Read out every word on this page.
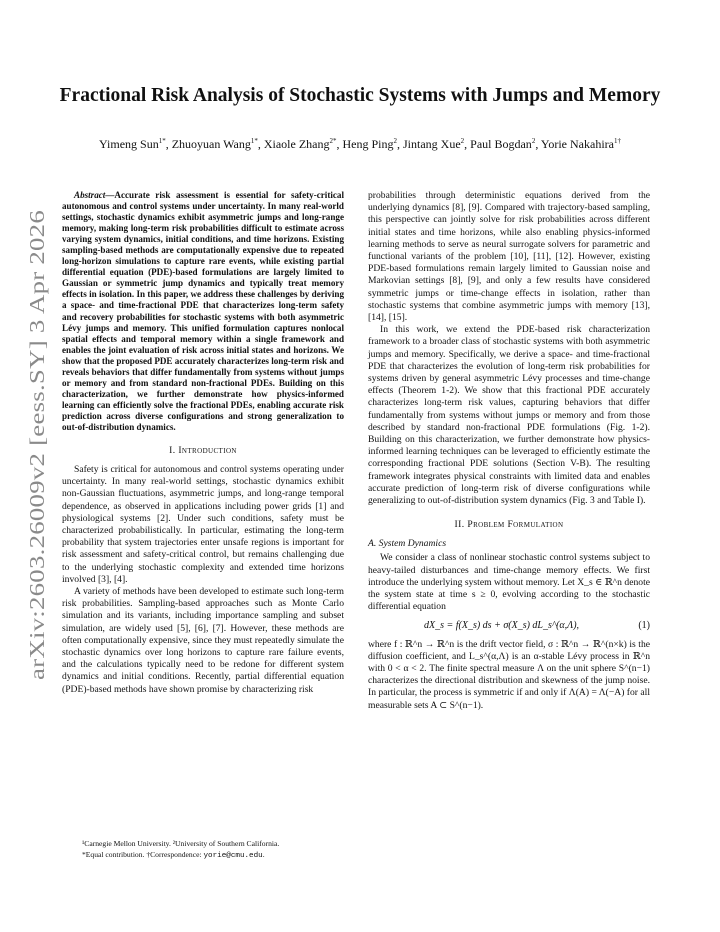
arXiv:2603.26009v2 [eess.SY] 3 Apr 2026
Fractional Risk Analysis of Stochastic Systems with Jumps and Memory
Yimeng Sun$^{1*}$, Zhuoyuan Wang$^{1*}$, Xiaole Zhang$^{2*}$, Heng Ping$^2$, Jintang Xue$^2$, Paul Bogdan$^2$, Yorie Nakahira$^{1\dagger}$

Abstract—Accurate risk assessment is essential for safety-critical autonomous and control systems under uncertainty. In many real-world settings, stochastic dynamics exhibit asymmetric jumps and long-range memory, making long-term risk probabilities difficult to estimate across varying system dynamics, initial conditions, and time horizons. Existing sampling-based methods are computationally expensive due to repeated long-horizon simulations to capture rare events, while existing partial differential equation (PDE)-based formulations are largely limited to Gaussian or symmetric jump dynamics and typically treat memory effects in isolation. In this paper, we address these challenges by deriving a space- and time-fractional PDE that characterizes long-term safety and recovery probabilities for stochastic systems with both asymmetric Lévy jumps and memory. This unified formulation captures nonlocal spatial effects and temporal memory within a single framework and enables the joint evaluation of risk across initial states and horizons. We show that the proposed PDE accurately characterizes long-term risk and reveals behaviors that differ fundamentally from systems without jumps or memory and from standard non-fractional PDEs. Building on this characterization, we further demonstrate how physics-informed learning can efficiently solve the fractional PDEs, enabling accurate risk prediction across diverse configurations and strong generalization to out-of-distribution dynamics.

I. Introduction

Safety is critical for autonomous and control systems operating under uncertainty. In many real-world settings, stochastic dynamics exhibit non-Gaussian fluctuations, asymmetric jumps, and long-range temporal dependence, as observed in applications including power grids [1] and physiological systems [2]. Under such conditions, safety must be characterized probabilistically. In particular, estimating the long-term probability that system trajectories enter unsafe regions is important for risk assessment and safety-critical control, but remains challenging due to the underlying stochastic complexity and extended time horizons involved [3], [4].

A variety of methods have been developed to estimate such long-term risk probabilities. Sampling-based approaches such as Monte Carlo simulation and its variants, including importance sampling and subset simulation, are widely used [5], [6], [7]. However, these methods are often computationally expensive, since they must repeatedly simulate the stochastic dynamics over long horizons to capture rare failure events, and the calculations typically need to be redone for different system dynamics and initial conditions. Recently, partial differential equation (PDE)-based methods have shown promise by characterizing risk

probabilities through deterministic equations derived from the underlying dynamics [8], [9]. Compared with trajectory-based sampling, this perspective can jointly solve for risk probabilities across different initial states and time horizons, while also enabling physics-informed learning methods to serve as neural surrogate solvers for parametric and functional variants of the problem [10], [11], [12]. However, existing PDE-based formulations remain largely limited to Gaussian noise and Markovian settings [8], [9], and only a few results have considered symmetric jumps or time-change effects in isolation, rather than stochastic systems that combine asymmetric jumps with memory [13], [14], [15].

In this work, we extend the PDE-based risk characterization framework to a broader class of stochastic systems with both asymmetric jumps and memory. Specifically, we derive a space- and time-fractional PDE that characterizes the evolution of long-term risk probabilities for systems driven by general asymmetric Lévy processes and time-change effects (Theorem 1-2). We show that this fractional PDE accurately characterizes long-term risk values, capturing behaviors that differ fundamentally from systems without jumps or memory and from those described by standard non-fractional PDE formulations (Fig. 1-2). Building on this characterization, we further demonstrate how physics-informed learning techniques can be leveraged to efficiently estimate the corresponding fractional PDE solutions (Section V-B). The resulting framework integrates physical constraints with limited data and enables accurate prediction of long-term risk of diverse configurations while generalizing to out-of-distribution system dynamics (Fig. 3 and Table I).

II. Problem Formulation
A. System Dynamics

We consider a class of nonlinear stochastic control systems subject to heavy-tailed disturbances and time-change memory effects. We first introduce the underlying system without memory. Let X_s ∈ ℝ^n denote the system state at time s ≥ 0, evolving according to the stochastic differential equation

dX_s = f(X_s) ds + σ(X_s) dL_s^(α,Λ),	(1)

where f : ℝ^n → ℝ^n is the drift vector field, σ : ℝ^n → ℝ^(n×k) is the diffusion coefficient, and L_s^(α,Λ) is an α-stable Lévy process in ℝ^n with 0 < α < 2. The finite spectral measure Λ on the unit sphere S^(n−1) characterizes the directional distribution and skewness of the jump noise. In particular, the process is symmetric if and only if Λ(A) = Λ(−A) for all measurable sets A ⊂ S^(n−1).

¹Carnegie Mellon University. ²University of Southern California.
*Equal contribution. †Correspondence: yorie@cmu.edu.
